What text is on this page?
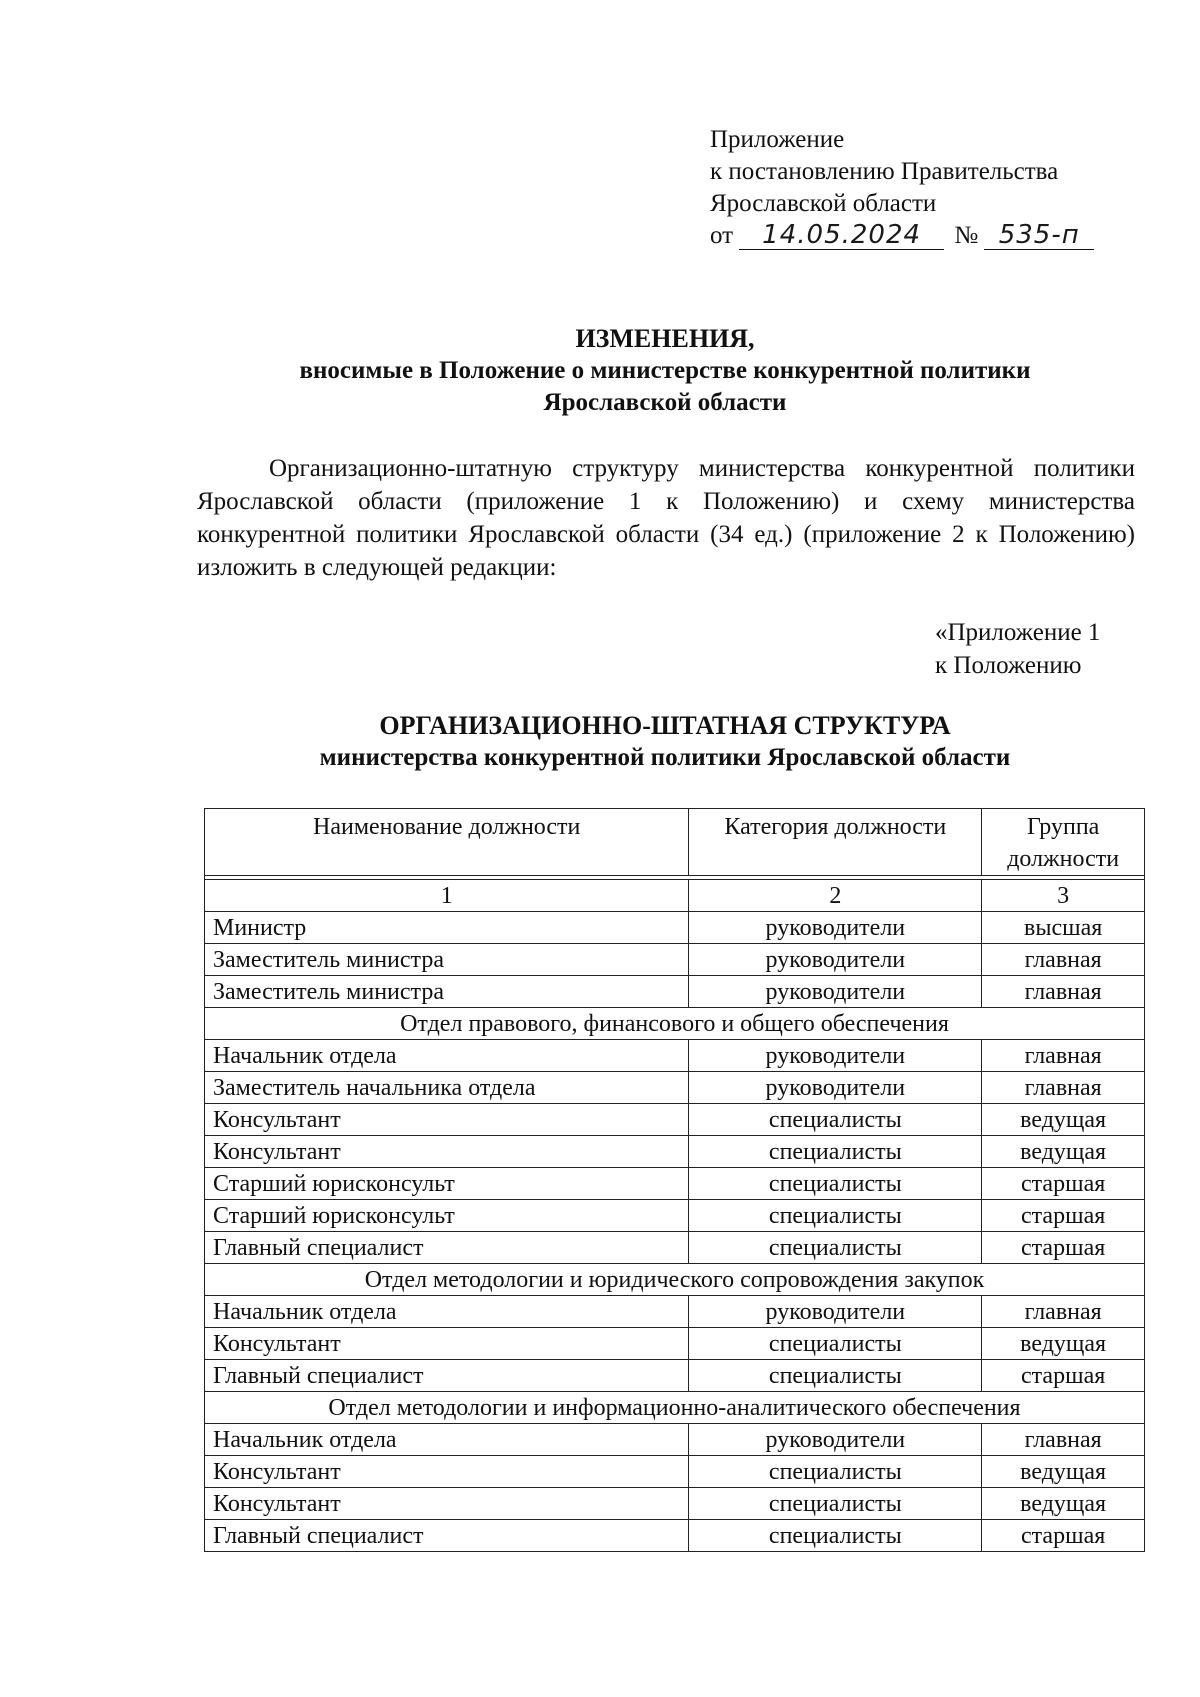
Приложение
к постановлению Правительства
Ярославской области
от 14.05.2024 № 535-п
ИЗМЕНЕНИЯ,
вносимые в Положение о министерстве конкурентной политики
Ярославской области
Организационно-штатную структуру министерства конкурентной политики Ярославской области (приложение 1 к Положению) и схему министерства конкурентной политики Ярославской области (34 ед.) (приложение 2 к Положению) изложить в следующей редакции:
«Приложение 1
к Положению
ОРГАНИЗАЦИОННО-ШТАТНАЯ СТРУКТУРА
министерства конкурентной политики Ярославской области
Наименование должности	Категория должности	Группа должности

1	2	3
Министр	руководители	высшая
Заместитель министра	руководители	главная
Заместитель министра	руководители	главная
Отдел правового, финансового и общего обеспечения		
Начальник отдела	руководители	главная
Заместитель начальника отдела	руководители	главная
Консультант	специалисты	ведущая
Консультант	специалисты	ведущая
Старший юрисконсульт	специалисты	старшая
Старший юрисконсульт	специалисты	старшая
Главный специалист	специалисты	старшая
Отдел методологии и юридического сопровождения закупок		
Начальник отдела	руководители	главная
Консультант	специалисты	ведущая
Главный специалист	специалисты	старшая
Отдел методологии и информационно-аналитического обеспечения		
Начальник отдела	руководители	главная
Консультант	специалисты	ведущая
Консультант	специалисты	ведущая
Главный специалист	специалисты	старшая
